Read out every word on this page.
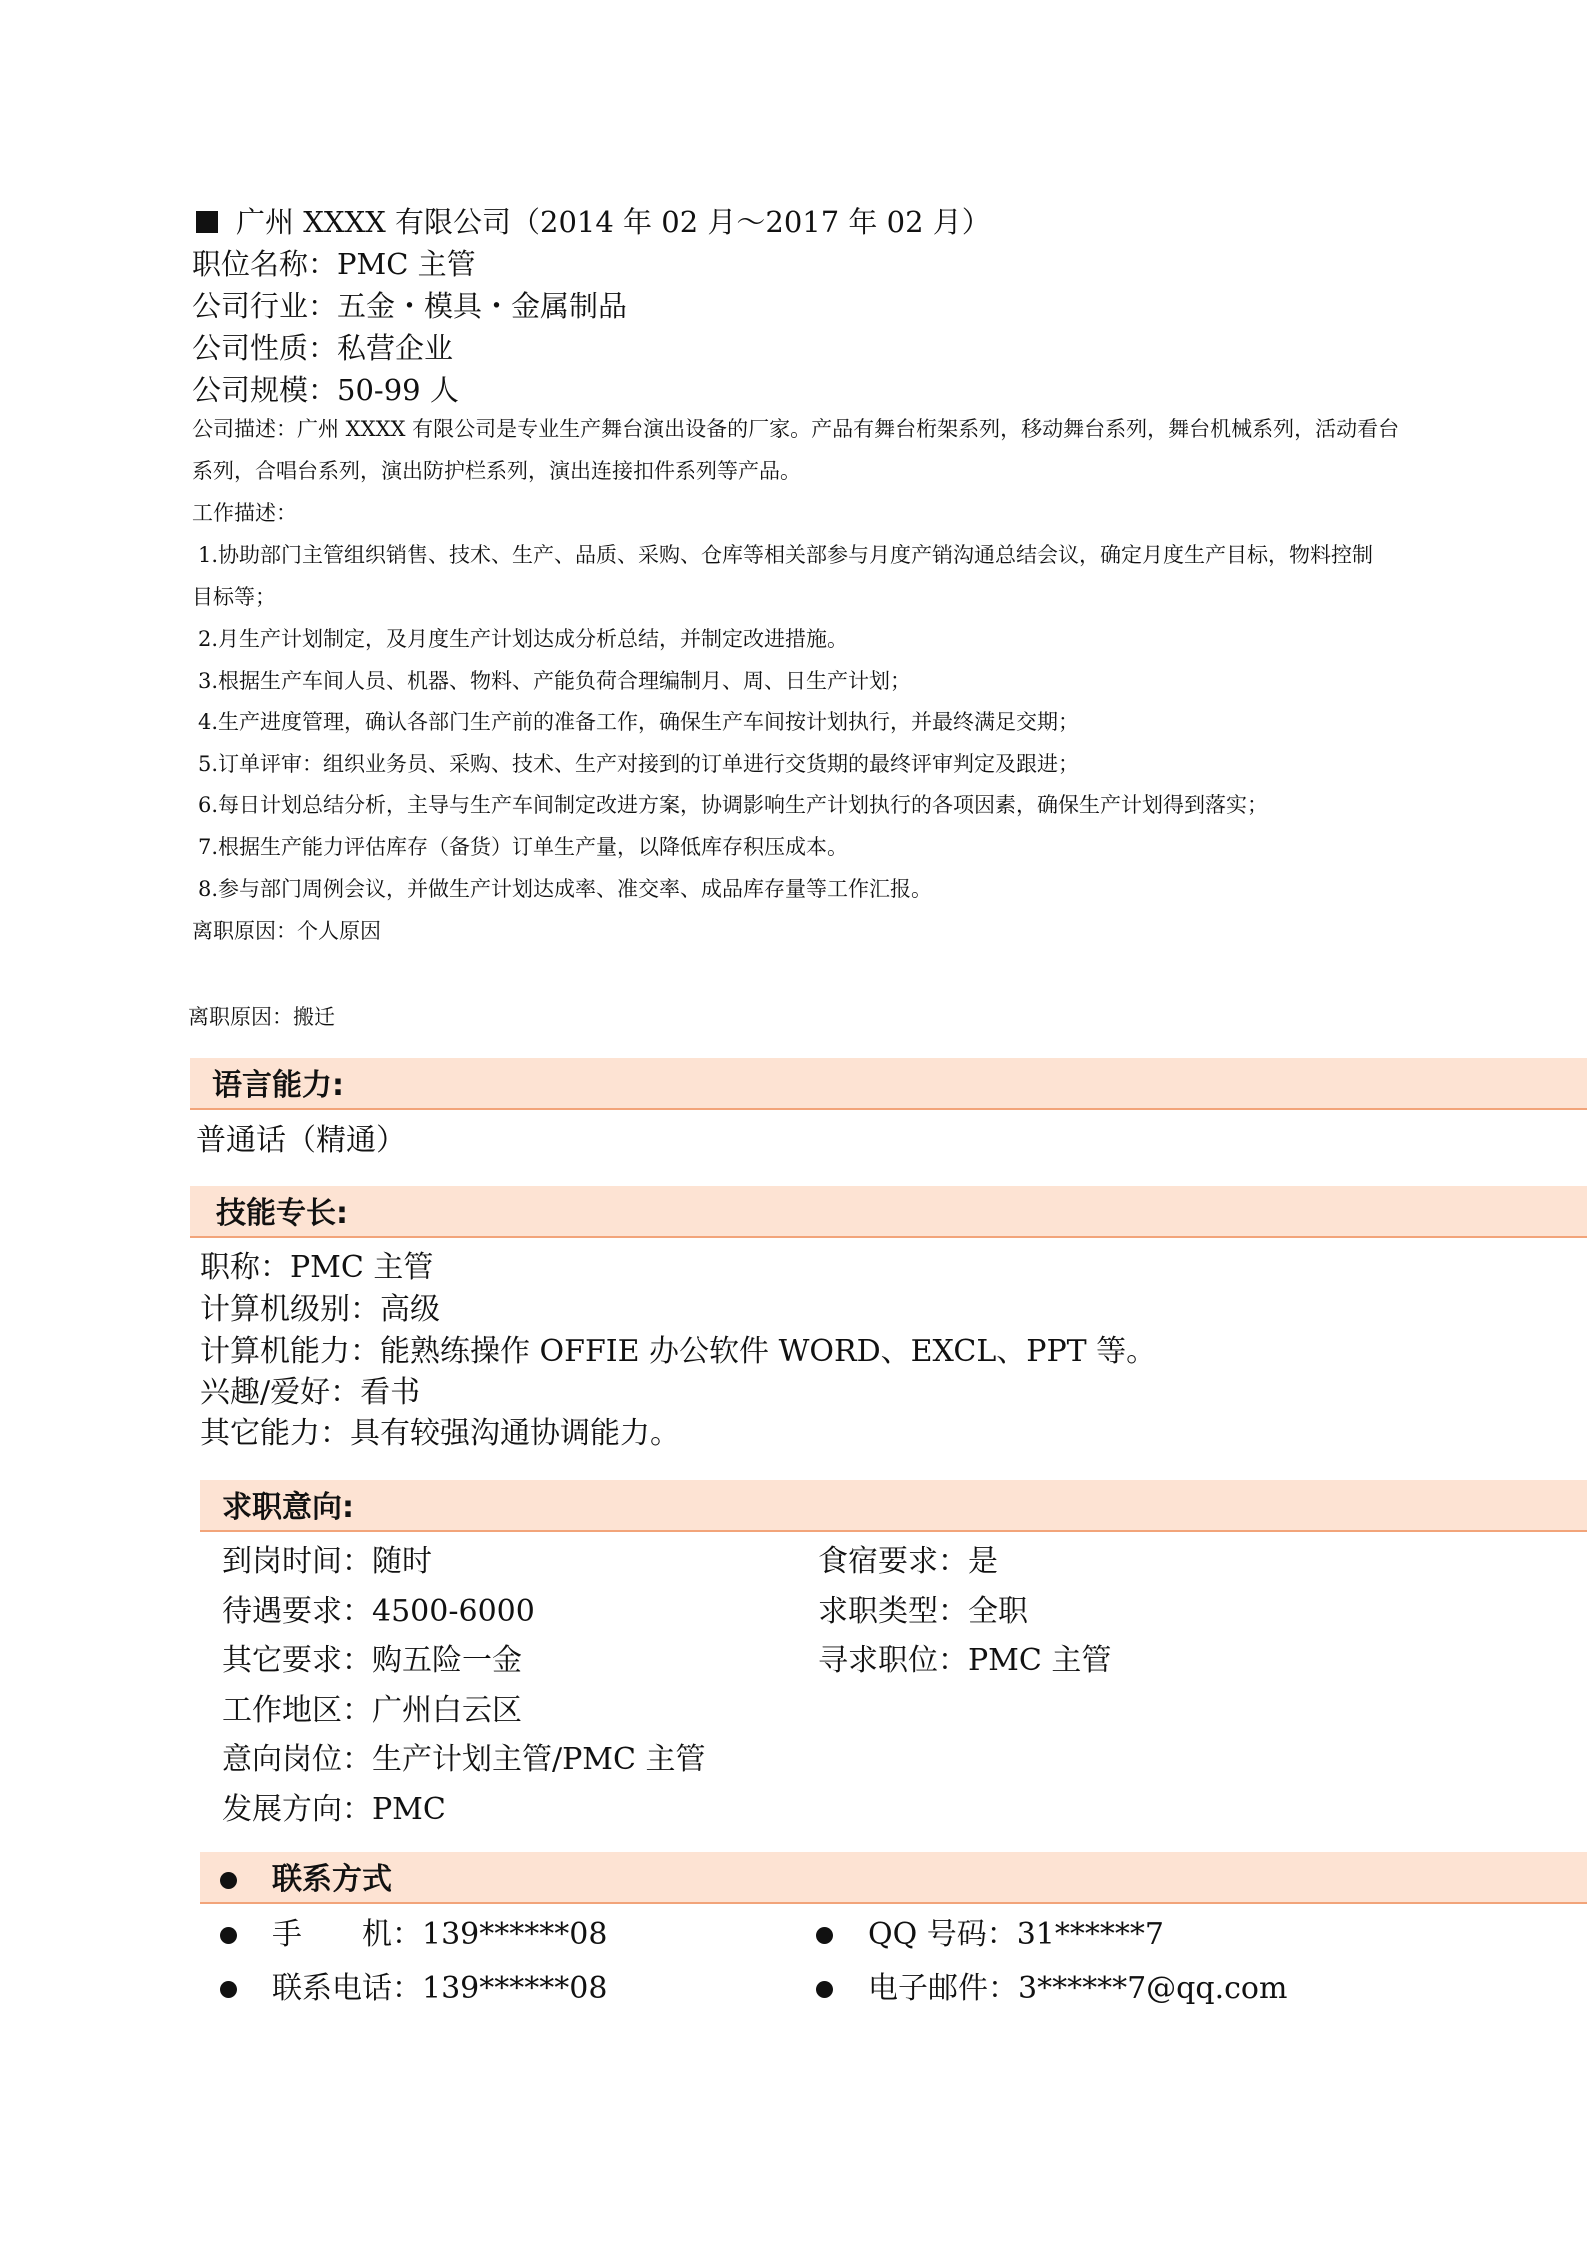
广州 XXXX 有限公司（2014 年 02 月～2017 年 02 月）
职位名称：PMC 主管
公司行业：五金・模具・金属制品
公司性质：私营企业
公司规模：50-99 人
公司描述：广州 XXXX 有限公司是专业生产舞台演出设备的厂家。产品有舞台桁架系列，移动舞台系列，舞台机械系列，活动看台
系列，合唱台系列，演出防护栏系列，演出连接扣件系列等产品。
工作描述：
1.协助部门主管组织销售、技术、生产、品质、采购、仓库等相关部参与月度产销沟通总结会议，确定月度生产目标，物料控制
目标等；
2.月生产计划制定，及月度生产计划达成分析总结，并制定改进措施。
3.根据生产车间人员、机器、物料、产能负荷合理编制月、周、日生产计划；
4.生产进度管理，确认各部门生产前的准备工作，确保生产车间按计划执行，并最终满足交期；
5.订单评审：组织业务员、采购、技术、生产对接到的订单进行交货期的最终评审判定及跟进；
6.每日计划总结分析，主导与生产车间制定改进方案，协调影响生产计划执行的各项因素，确保生产计划得到落实；
7.根据生产能力评估库存（备货）订单生产量，以降低库存积压成本。
8.参与部门周例会议，并做生产计划达成率、准交率、成品库存量等工作汇报。
离职原因：个人原因
离职原因：搬迁
语言能力:
普通话（精通）
技能专长:
职称：PMC 主管
计算机级别：高级
计算机能力：能熟练操作 OFFIE 办公软件 WORD、EXCL、PPT 等。
兴趣/爱好：看书
其它能力：具有较强沟通协调能力。
求职意向:
到岗时间：随时
待遇要求：4500-6000
其它要求：购五险一金
工作地区：广州白云区
意向岗位：生产计划主管/PMC 主管
发展方向：PMC
食宿要求：是
求职类型：全职
寻求职位：PMC 主管
联系方式
手　　机：139******08	QQ 号码：31******7
联系电话：139******08	电子邮件：3******7@qq.com
